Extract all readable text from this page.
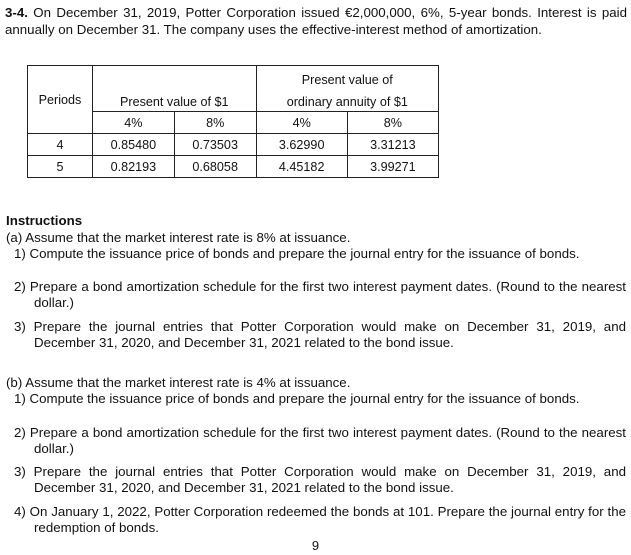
3-4. On December 31, 2019, Potter Corporation issued €2,000,000, 6%, 5-year bonds. Interest is paid annually on December 31. The company uses the effective-interest method of amortization.
Periods	Present value of $1		Present value of	
			ordinary annuity of $1	
	4%	8%	4%	8%
4	0.85480	0.73503	3.62990	3.31213
5	0.82193	0.68058	4.45182	3.99271
Instructions
(a) Assume that the market interest rate is 8% at issuance.
1) Compute the issuance price of bonds and prepare the journal entry for the issuance of bonds.
2) Prepare a bond amortization schedule for the first two interest payment dates. (Round to the nearest dollar.)
3) Prepare the journal entries that Potter Corporation would make on December 31, 2019, and December 31, 2020, and December 31, 2021 related to the bond issue.
(b) Assume that the market interest rate is 4% at issuance.
1) Compute the issuance price of bonds and prepare the journal entry for the issuance of bonds.
2) Prepare a bond amortization schedule for the first two interest payment dates. (Round to the nearest dollar.)
3) Prepare the journal entries that Potter Corporation would make on December 31, 2019, and December 31, 2020, and December 31, 2021 related to the bond issue.
4) On January 1, 2022, Potter Corporation redeemed the bonds at 101. Prepare the journal entry for the redemption of bonds.
9
